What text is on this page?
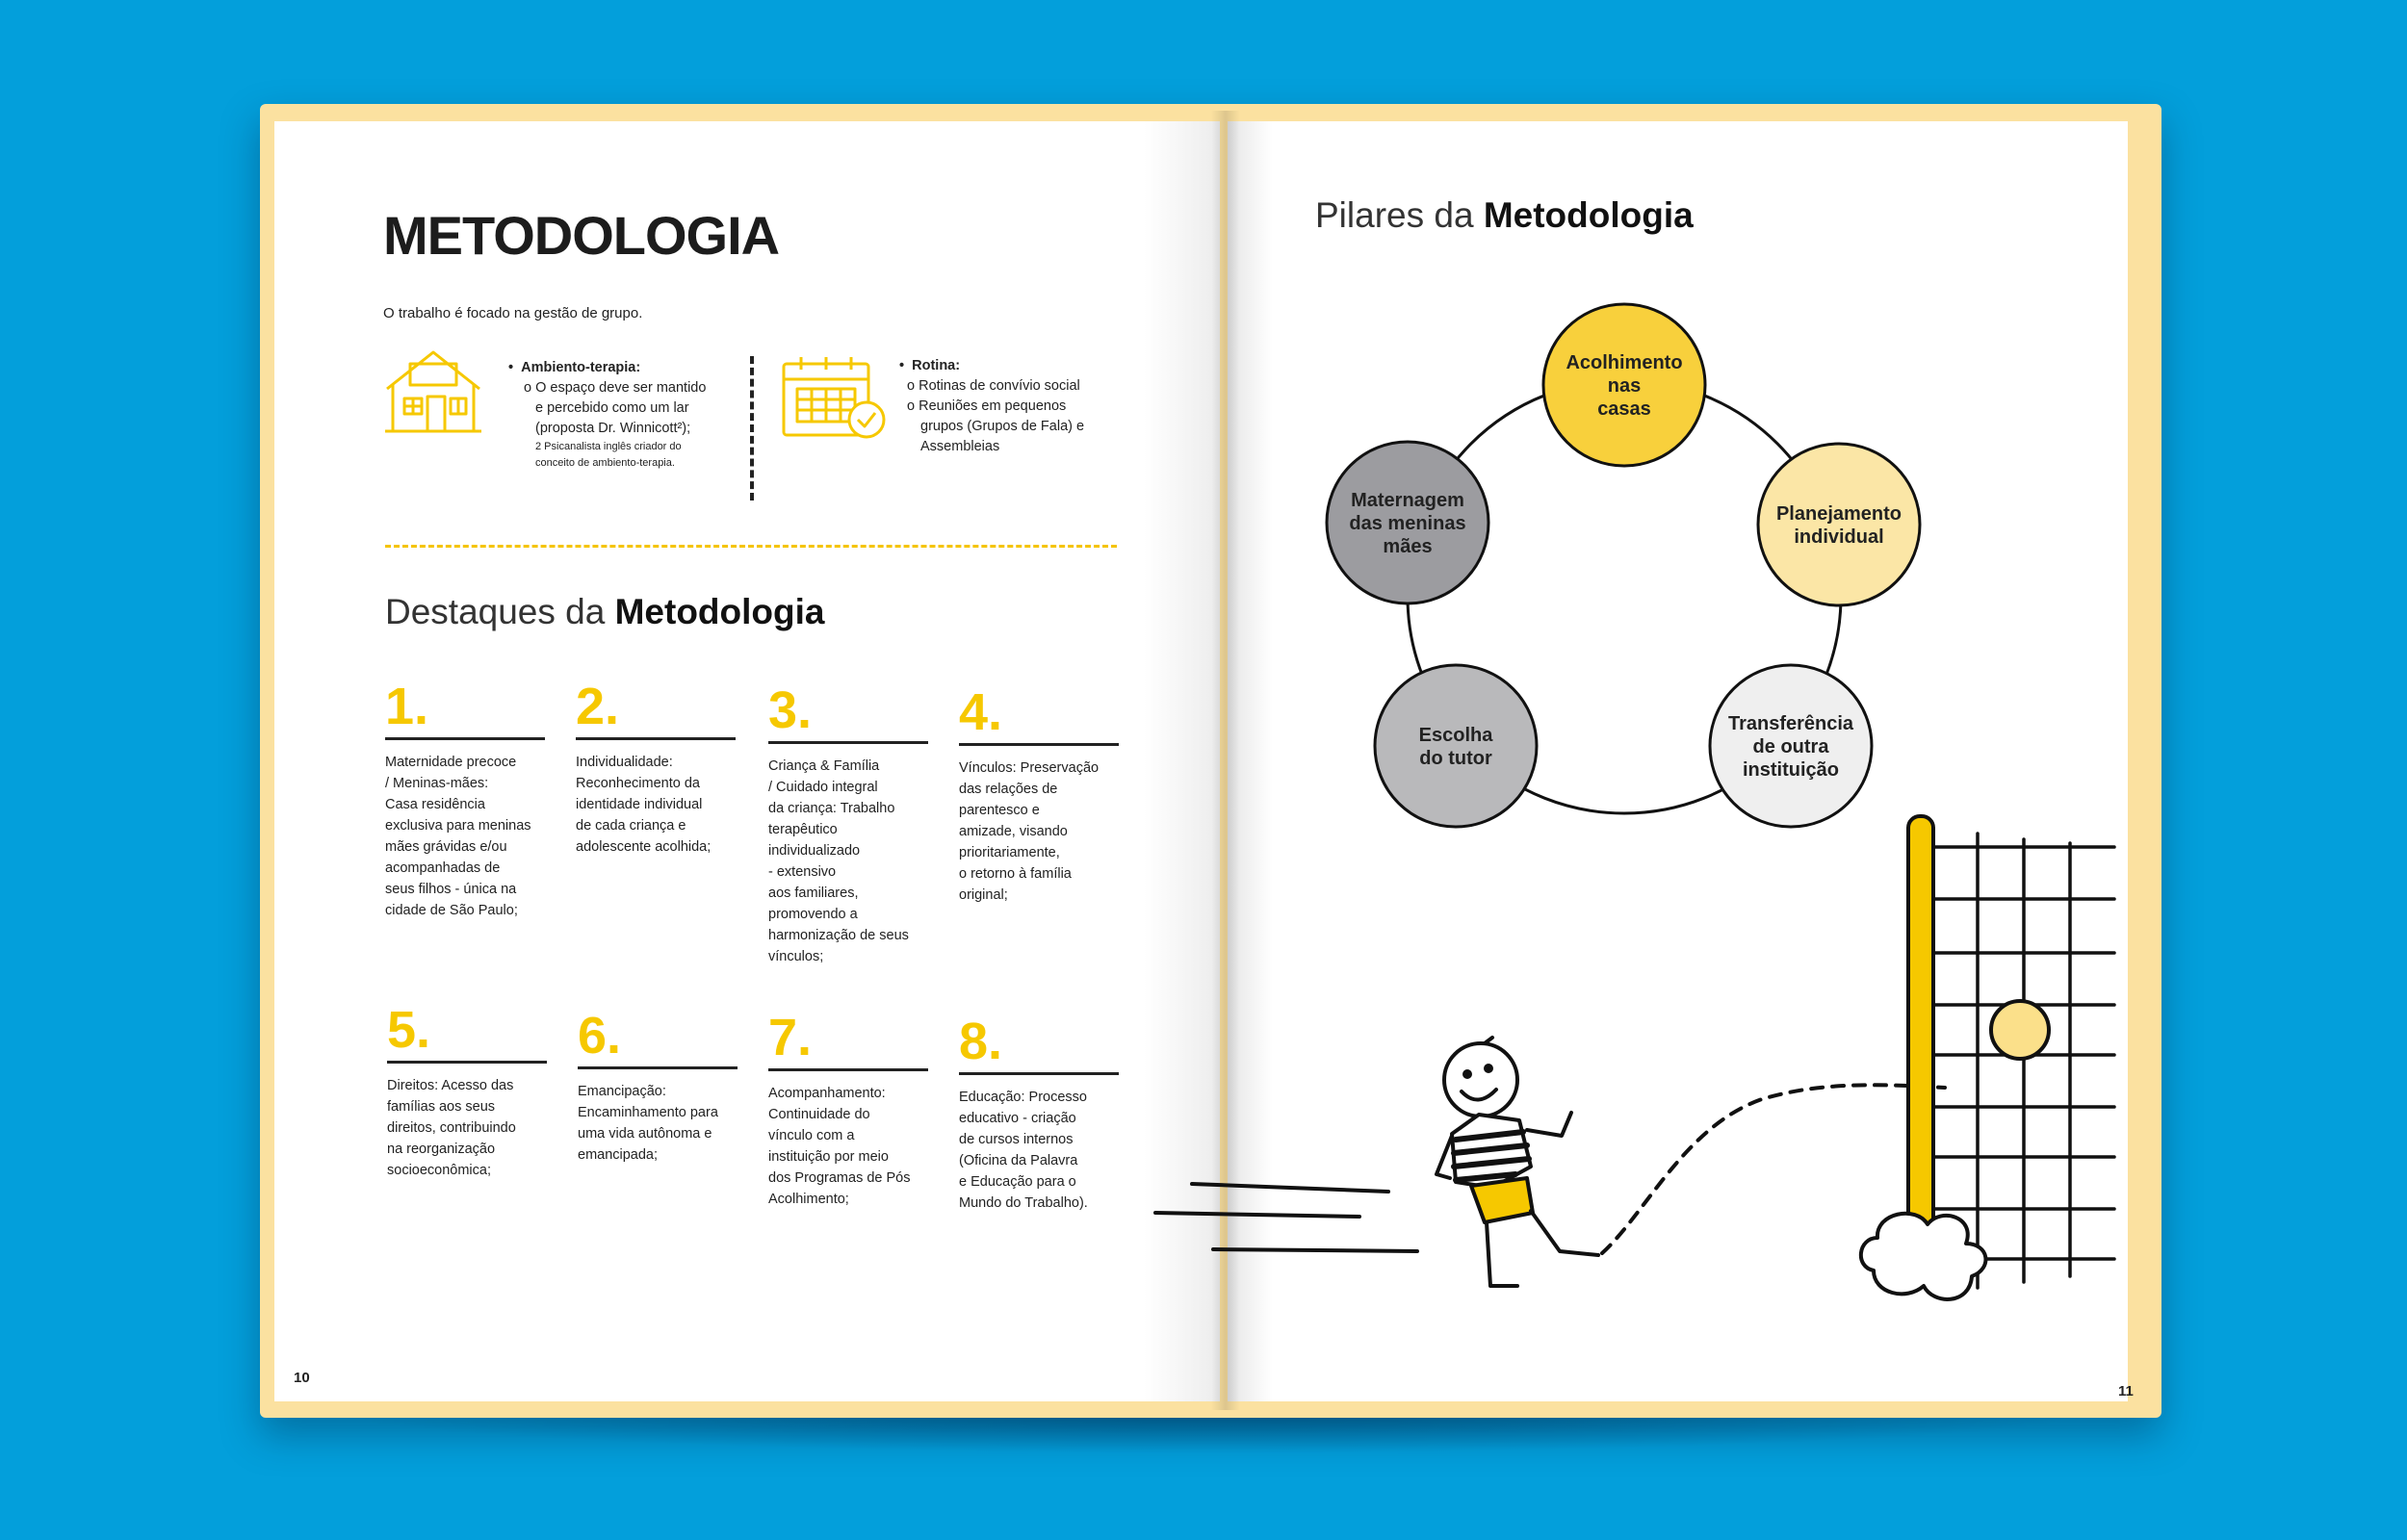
METODOLOGIA
O trabalho é focado na gestão de grupo.
•  Ambiento-terapia:
o O espaço deve ser mantido
e percebido como um lar
(proposta Dr. Winnicott²);
2 Psicanalista inglês criador do
conceito de ambiento-terapia.
•  Rotina:
o Rotinas de convívio social
o Reuniões em pequenos
grupos (Grupos de Fala) e
Assembleias
Destaques da Metodologia
1.
Maternidade precoce
/ Meninas-mães:
Casa residência
exclusiva para meninas
mães grávidas e/ou
acompanhadas de
seus filhos - única na
cidade de São Paulo;
2.
Individualidade:
Reconhecimento da
identidade individual
de cada criança e
adolescente acolhida;
3.
Criança & Família
/ Cuidado integral
da criança: Trabalho
terapêutico
individualizado
- extensivo
aos familiares,
promovendo a
harmonização de seus
vínculos;
4.
Vínculos: Preservação
das relações de
parentesco e
amizade, visando
prioritariamente,
o retorno à família
original;
5.
Direitos: Acesso das
famílias aos seus
direitos, contribuindo
na reorganização
socioeconômica;
6.
Emancipação:
Encaminhamento para
uma vida autônoma e
emancipada;
7.
Acompanhamento:
Continuidade do
vínculo com a
instituição por meio
dos Programas de Pós
Acolhimento;
8.
Educação: Processo
educativo - criação
de cursos internos
(Oficina da Palavra
e Educação para o
Mundo do Trabalho).
10
Pilares da Metodologia
Acolhimento
nas
casas
Planejamento
individual
Transferência
de outra
instituição
Escolha
do tutor
Maternagem
das meninas
mães
11
